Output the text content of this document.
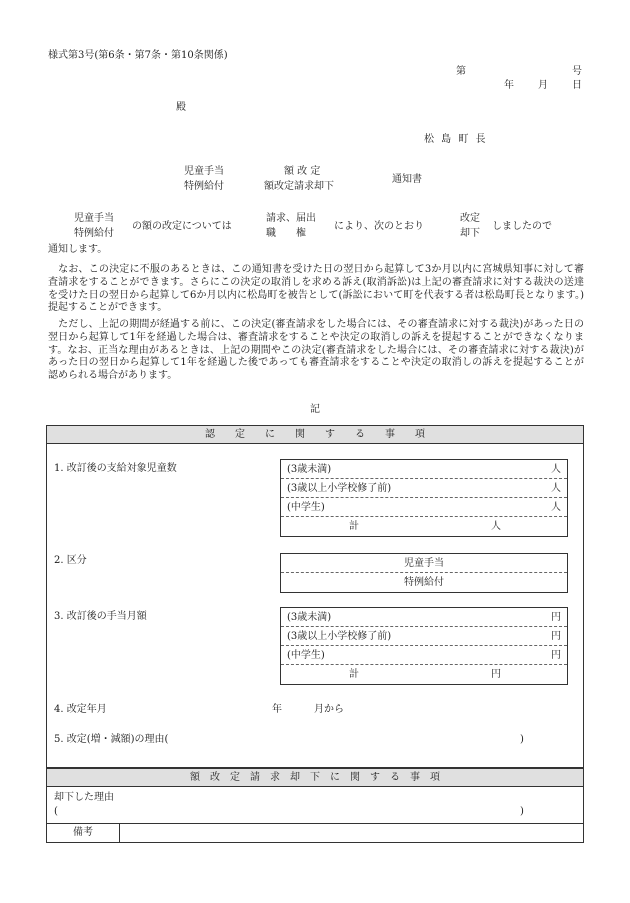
様式第3号(第6条・第7条・第10条関係)
第	号
年 月 日
殿
松 島 町 長
児童手当
特例給付
額 改 定
額改定請求却下
通知書
児童手当
特例給付
の額の改定については
請求、届出
職　　権
により、次のとおり
改定
却下
しましたので
通知します。
　なお、この決定に不服のあるときは、この通知書を受けた日の翌日から起算して3か月以内に宮城県知事に対して審査請求をすることができます。さらにこの決定の取消しを求める訴え(取消訴訟)は上記の審査請求に対する裁決の送達を受けた日の翌日から起算して6か月以内に松島町を被告として(訴訟において町を代表する者は松島町長となります。)提起することができます。
　ただし、上記の期間が経過する前に、この決定(審査請求をした場合には、その審査請求に対する裁決)があった日の翌日から起算して1年を経過した場合は、審査請求をすることや決定の取消しの訴えを提起することができなくなります。なお、正当な理由があるときは、上記の期間やこの決定(審査請求をした場合には、その審査請求に対する裁決)があった日の翌日から起算して1年を経過した後であっても審査請求をすることや決定の取消しの訴えを提起することが認められる場合があります。
記
認　　定　　に　　関　　す　　る　　事　　項
1. 改訂後の支給対象児童数	(3歳未満)	人
(3歳以上小学校修了前)	人
(中学生)	人
計	人
2. 区分	児童手当
特例給付
3. 改訂後の手当月額	(3歳未満)	円
(3歳以上小学校修了前)	円
(中学生)	円
計	円
4. 改定年月	年	月から
5. 改定(増・減額)の理由(	)
額　改　定　請　求　却　下　に　関　す　る　事　項
却下した理由
(	)
備考
